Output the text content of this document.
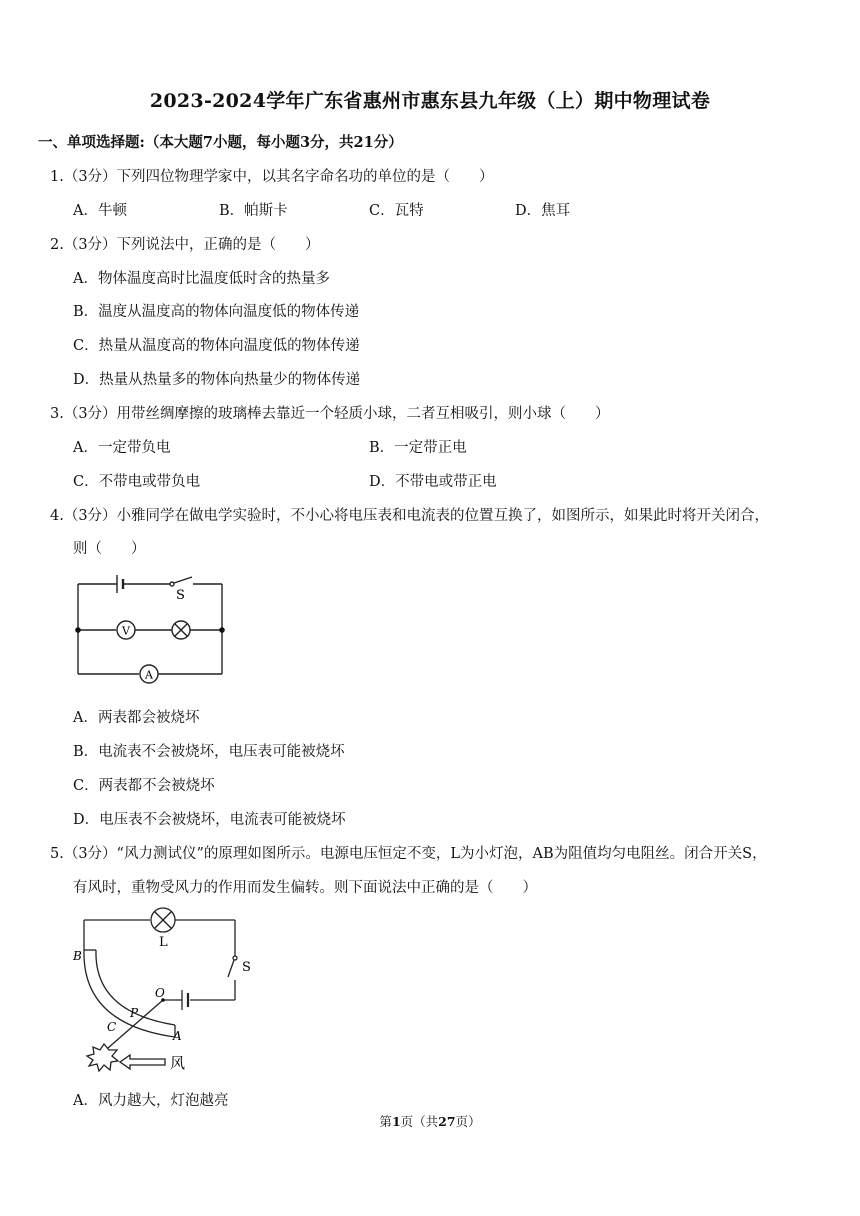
2023-2024学年广东省惠州市惠东县九年级（上）期中物理试卷
一、单项选择题:（本大题7小题，每小题3分，共21分）
1.（3分）下列四位物理学家中，以其名字命名功的单位的是（　　）
A．牛顿	B．帕斯卡	C．瓦特	D．焦耳
2.（3分）下列说法中，正确的是（　　）
A．物体温度高时比温度低时含的热量多
B．温度从温度高的物体向温度低的物体传递
C．热量从温度高的物体向温度低的物体传递
D．热量从热量多的物体向热量少的物体传递
3.（3分）用带丝绸摩擦的玻璃棒去靠近一个轻质小球，二者互相吸引，则小球（　　）
A．一定带负电	B．一定带正电
C．不带电或带负电	D．不带电或带正电
4.（3分）小雅同学在做电学实验时，不小心将电压表和电流表的位置互换了，如图所示，如果此时将开关闭合，
则（　　）
S
V
A
A．两表都会被烧坏
B．电流表不会被烧坏，电压表可能被烧坏
C．两表都不会被烧坏
D．电压表不会被烧坏，电流表可能被烧坏
5.（3分）“风力测试仪”的原理如图所示。电源电压恒定不变，L为小灯泡，AB为阻值均匀电阻丝。闭合开关S，
有风时，重物受风力的作用而发生偏转。则下面说法中正确的是（　　）
B
L
S
O
P
C
A
风
A．风力越大，灯泡越亮
第1页（共27页）
